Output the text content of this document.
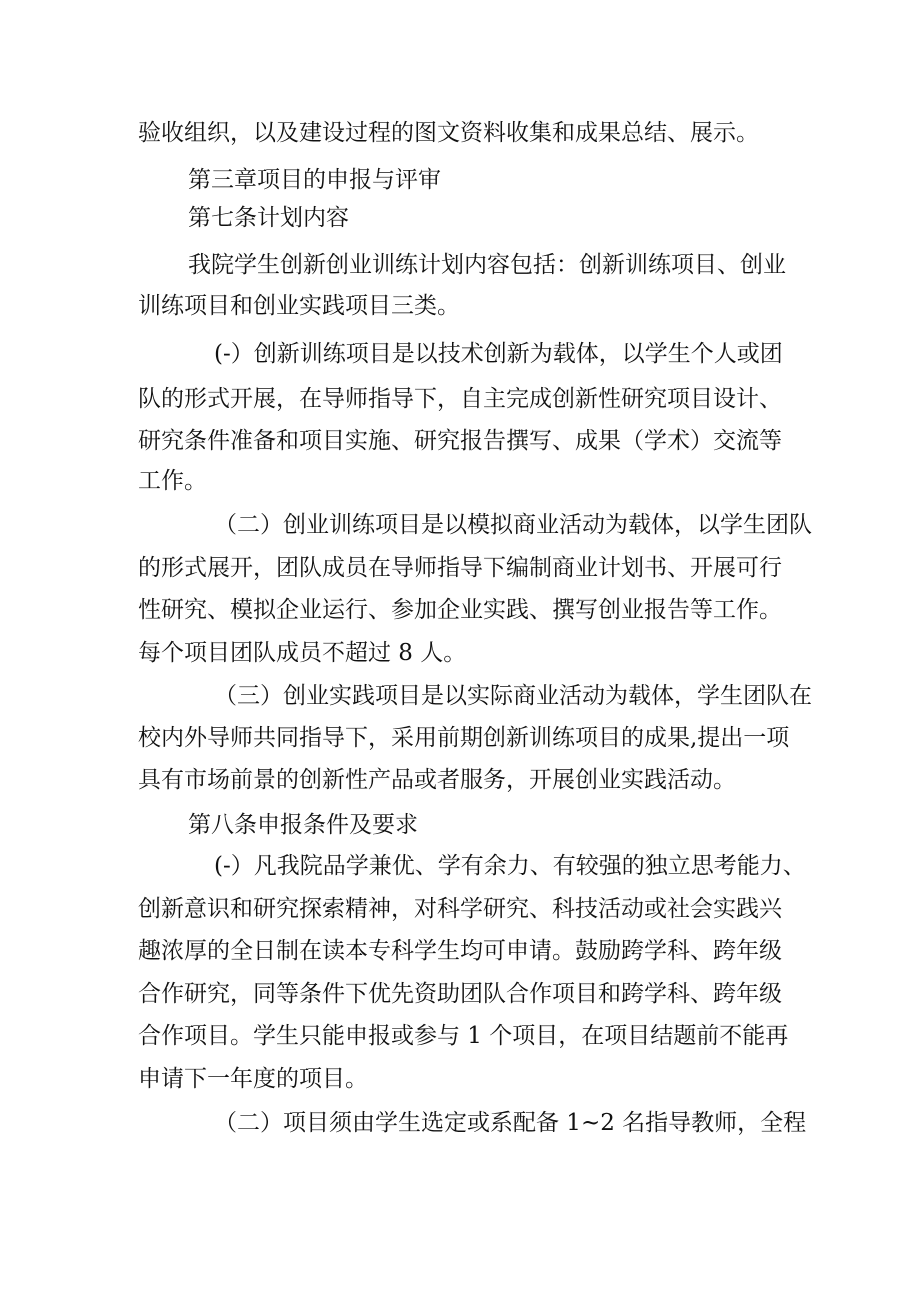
验收组织，以及建设过程的图文资料收集和成果总结、展示。
第三章项目的申报与评审
第七条计划内容
我院学生创新创业训练计划内容包括：创新训练项目、创业
训练项目和创业实践项目三类。
(-）创新训练项目是以技术创新为载体，以学生个人或团
队的形式开展，在导师指导下，自主完成创新性研究项目设计、
研究条件准备和项目实施、研究报告撰写、成果（学术）交流等
工作。
（二）创业训练项目是以模拟商业活动为载体，以学生团队
的形式展开，团队成员在导师指导下编制商业计划书、开展可行
性研究、模拟企业运行、参加企业实践、撰写创业报告等工作。
每个项目团队成员不超过 8 人。
（三）创业实践项目是以实际商业活动为载体，学生团队在
校内外导师共同指导下，采用前期创新训练项目的成果,提出一项
具有市场前景的创新性产品或者服务，开展创业实践活动。
第八条申报条件及要求
(-）凡我院品学兼优、学有余力、有较强的独立思考能力、
创新意识和研究探索精神，对科学研究、科技活动或社会实践兴
趣浓厚的全日制在读本专科学生均可申请。鼓励跨学科、跨年级
合作研究，同等条件下优先资助团队合作项目和跨学科、跨年级
合作项目。学生只能申报或参与 1 个项目，在项目结题前不能再
申请下一年度的项目。
（二）项目须由学生选定或系配备 1~2 名指导教师，全程
